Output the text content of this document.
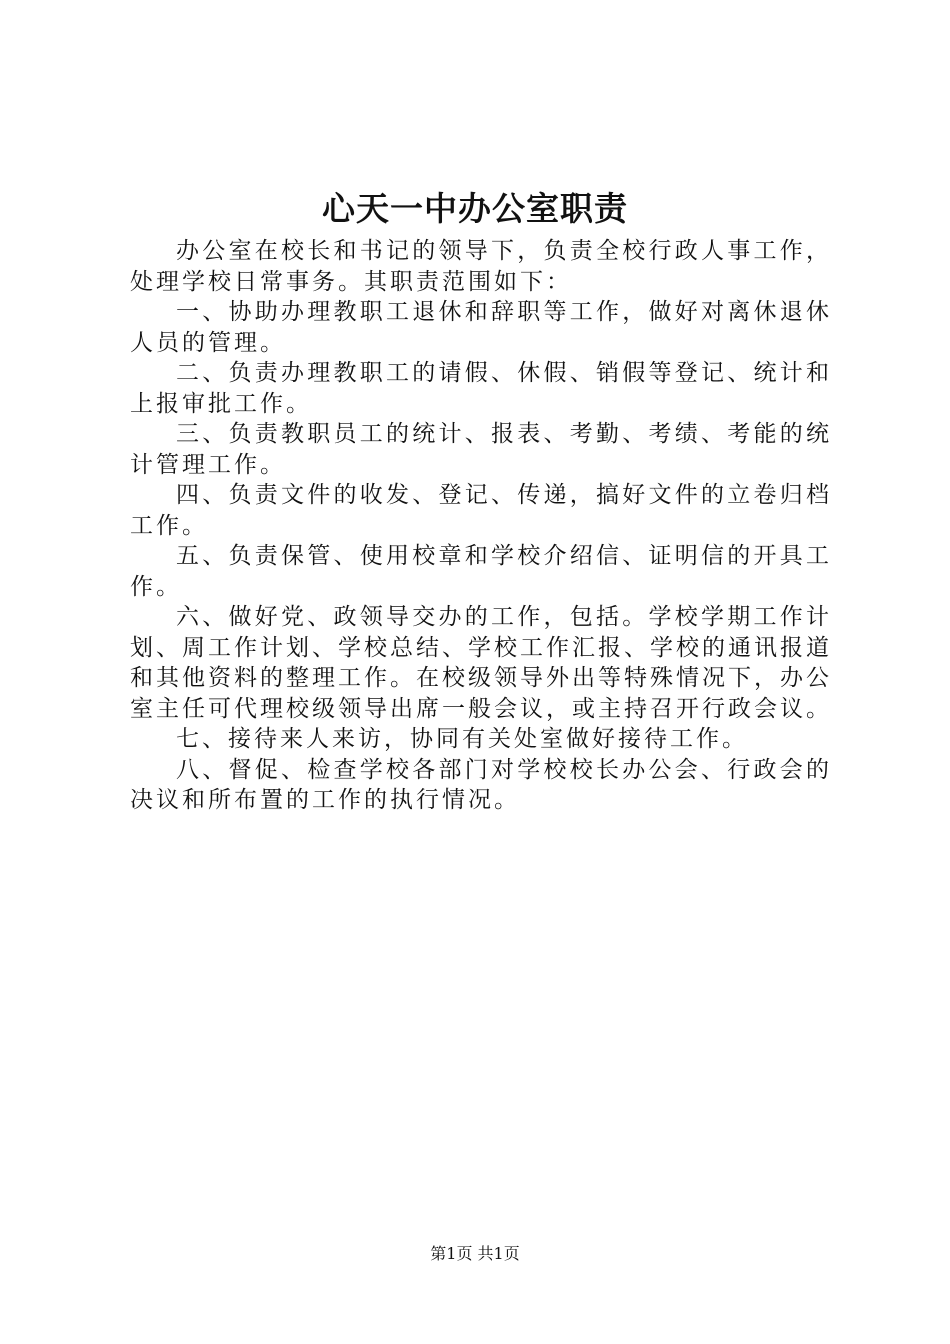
心天一中办公室职责

办公室在校长和书记的领导下，负责全校行政人事工作，处理学校日常事务。其职责范围如下：

一、协助办理教职工退休和辞职等工作，做好对离休退休人员的管理。

二、负责办理教职工的请假、休假、销假等登记、统计和上报审批工作。

三、负责教职员工的统计、报表、考勤、考绩、考能的统计管理工作。

四、负责文件的收发、登记、传递，搞好文件的立卷归档工作。

五、负责保管、使用校章和学校介绍信、证明信的开具工作。

六、做好党、政领导交办的工作，包括。学校学期工作计划、周工作计划、学校总结、学校工作汇报、学校的通讯报道和其他资料的整理工作。在校级领导外出等特殊情况下，办公室主任可代理校级领导出席一般会议，或主持召开行政会议。

七、接待来人来访，协同有关处室做好接待工作。

八、督促、检查学校各部门对学校校长办公会、行政会的决议和所布置的工作的执行情况。

第1页 共1页
